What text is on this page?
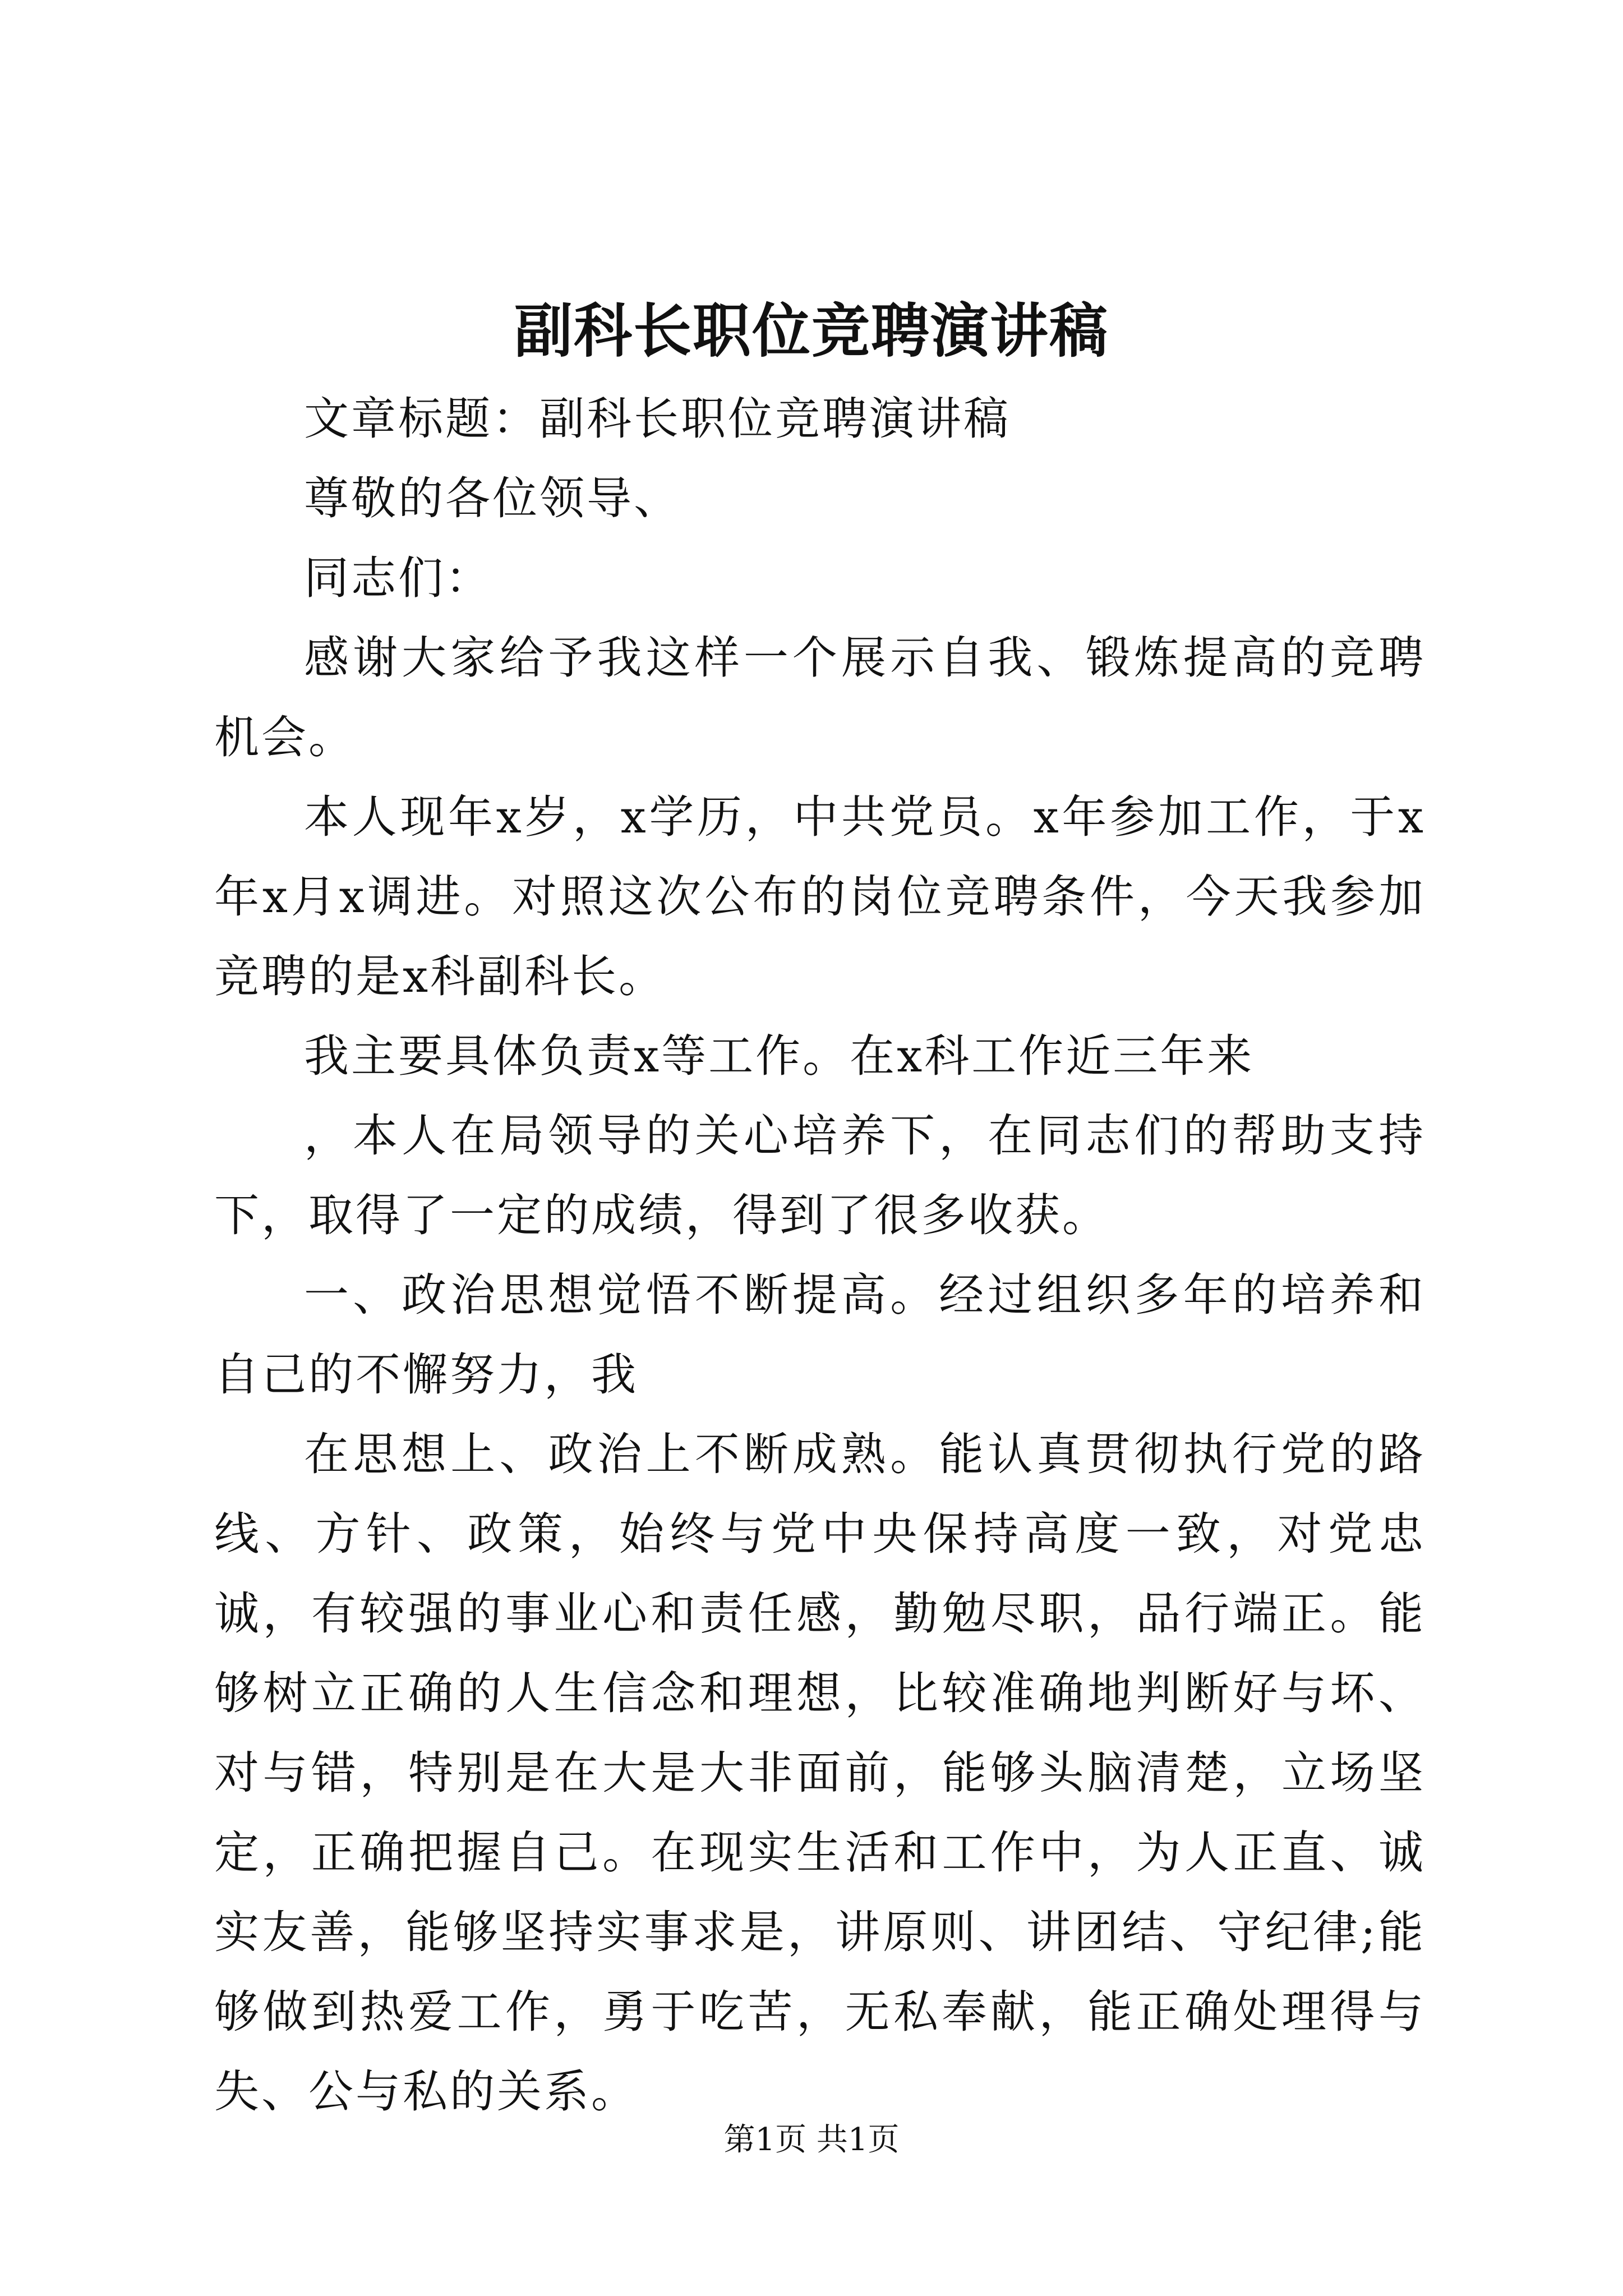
副科长职位竞聘演讲稿

文章标题：副科长职位竞聘演讲稿

尊敬的各位领导、

同志们：

感谢大家给予我这样一个展示自我、锻炼提高的竞聘机会。

本人现年x岁，x学历，中共党员。x年参加工作，于x年x月x调进。对照这次公布的岗位竞聘条件，今天我参加竞聘的是x科副科长。

我主要具体负责x等工作。在x科工作近三年来

，本人在局领导的关心培养下，在同志们的帮助支持下，取得了一定的成绩，得到了很多收获。

一、政治思想觉悟不断提高。经过组织多年的培养和自己的不懈努力，我

在思想上、政治上不断成熟。能认真贯彻执行党的路线、方针、政策，始终与党中央保持高度一致，对党忠诚，有较强的事业心和责任感，勤勉尽职，品行端正。能够树立正确的人生信念和理想，比较准确地判断好与坏、对与错，特别是在大是大非面前，能够头脑清楚，立场坚定，正确把握自己。在现实生活和工作中，为人正直、诚实友善，能够坚持实事求是，讲原则、讲团结、守纪律;能够做到热爱工作，勇于吃苦，无私奉献，能正确处理得与失、公与私的关系。

第1页 共1页
